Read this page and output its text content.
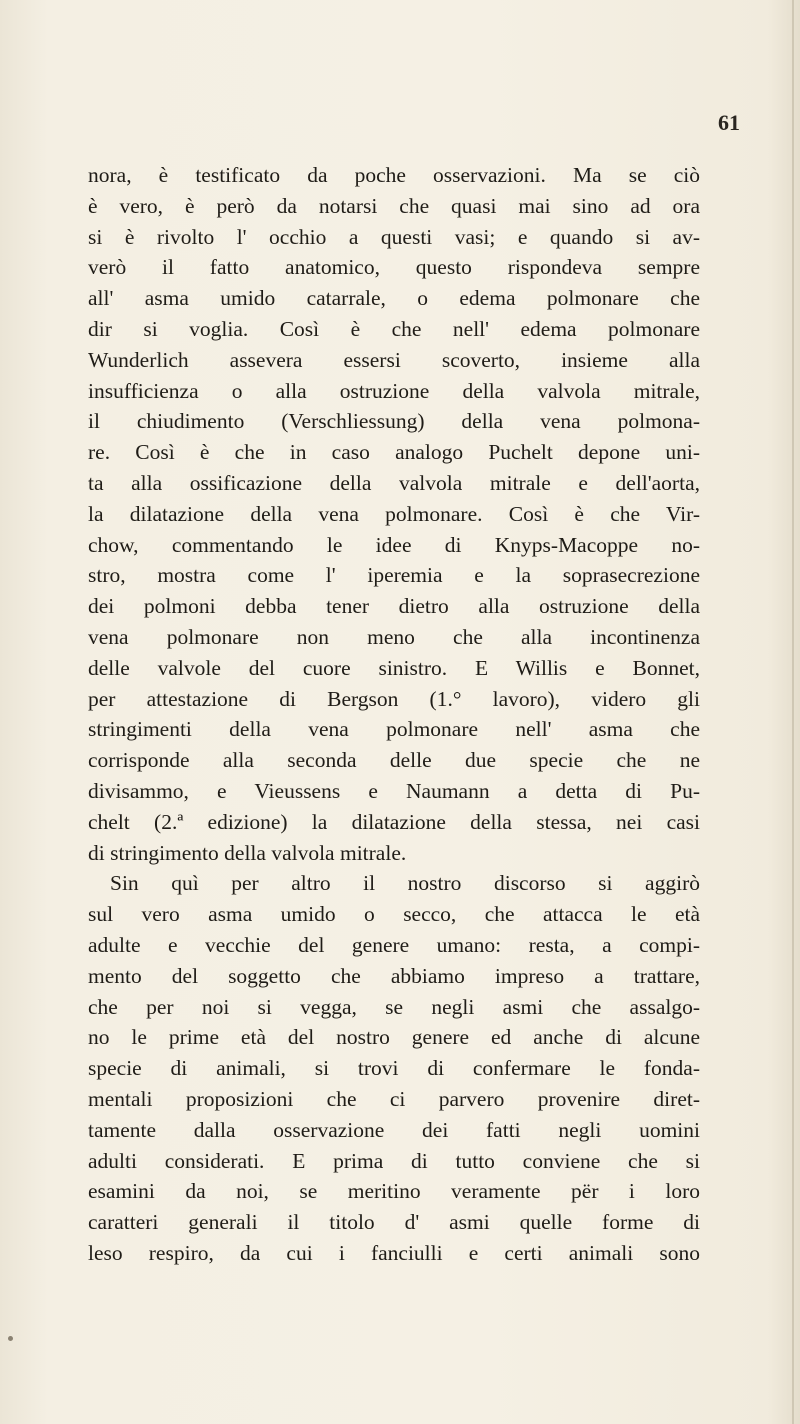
61
nora, è testificato da poche osservazioni. Ma se ciò
è vero, è però da notarsi che quasi mai sino ad ora
si è rivolto l' occhio a questi vasi; e quando si av-
verò il fatto anatomico, questo rispondeva sempre
all' asma umido catarrale, o edema polmonare che
dir si voglia. Così è che nell' edema polmonare
Wunderlich assevera essersi scoverto, insieme alla
insufficienza o alla ostruzione della valvola mitrale,
il chiudimento (Verschliessung) della vena polmona-
re. Così è che in caso analogo Puchelt depone uni-
ta alla ossificazione della valvola mitrale e dell'aorta,
la dilatazione della vena polmonare. Così è che Vir-
chow, commentando le idee di Knyps-Macoppe no-
stro, mostra come l' iperemia e la soprasecrezione
dei polmoni debba tener dietro alla ostruzione della
vena polmonare non meno che alla incontinenza
delle valvole del cuore sinistro. E Willis e Bonnet,
per attestazione di Bergson (1.° lavoro), videro gli
stringimenti della vena polmonare nell' asma che
corrisponde alla seconda delle due specie che ne
divisammo, e Vieussens e Naumann a detta di Pu-
chelt (2.ª edizione) la dilatazione della stessa, nei casi
di stringimento della valvola mitrale.
Sin quì per altro il nostro discorso si aggirò
sul vero asma umido o secco, che attacca le età
adulte e vecchie del genere umano: resta, a compi-
mento del soggetto che abbiamo impreso a trattare,
che per noi si vegga, se negli asmi che assalgo-
no le prime età del nostro genere ed anche di alcune
specie di animali, si trovi di confermare le fonda-
mentali proposizioni che ci parvero provenire diret-
tamente dalla osservazione dei fatti negli uomini
adulti considerati. E prima di tutto conviene che si
esamini da noi, se meritino veramente për i loro
caratteri generali il titolo d' asmi quelle forme di
leso respiro, da cui i fanciulli e certi animali sono
